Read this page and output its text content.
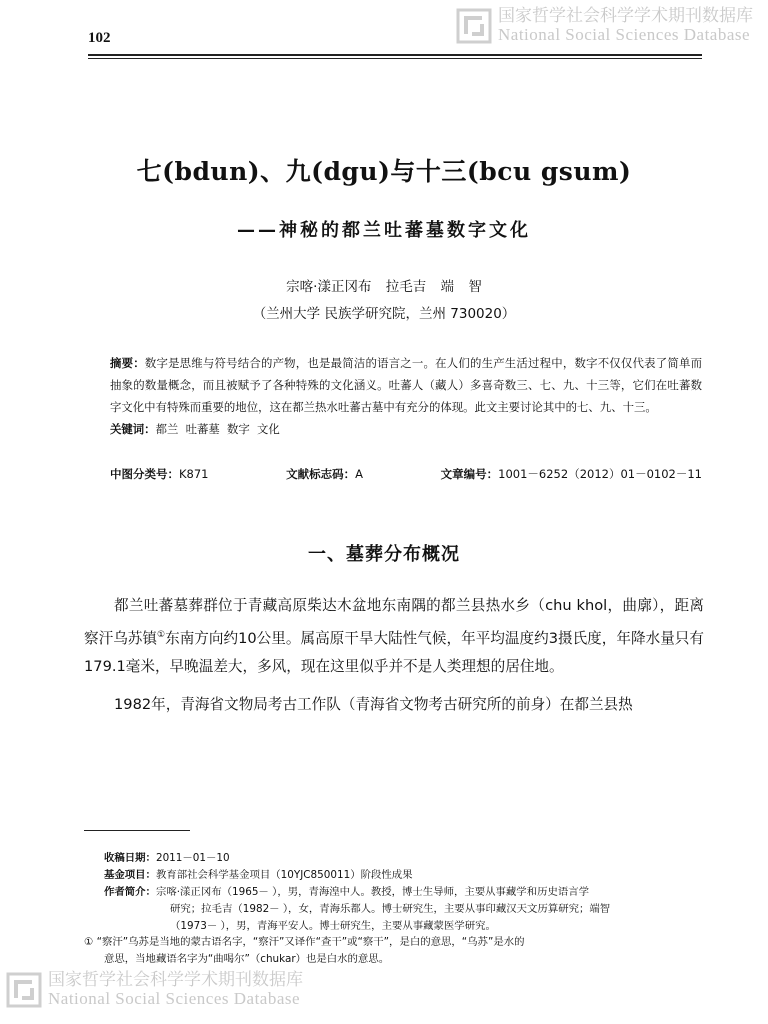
102
国家哲学社会科学学术期刊数据库
National Social Sciences Database
七(bdun)、九(dgu)与十三(bcu gsum)
——神秘的都兰吐蕃墓数字文化
宗喀·漾正冈布 拉毛吉 端 智
（兰州大学 民族学研究院，兰州 730020）
摘要：数字是思维与符号结合的产物，也是最简洁的语言之一。在人们的生产生活过程中，数字不仅仅代表了简单而抽象的数量概念，而且被赋予了各种特殊的文化涵义。吐蕃人（藏人）多喜奇数三、七、九、十三等，它们在吐蕃数字文化中有特殊而重要的地位，这在都兰热水吐蕃古墓中有充分的体现。此文主要讨论其中的七、九、十三。
关键词：都兰  吐蕃墓  数字  文化
中图分类号：K871	文献标志码：A	文章编号：1001－6252（2012）01－0102－11
一、墓葬分布概况
都兰吐蕃墓葬群位于青藏高原柴达木盆地东南隅的都兰县热水乡（chu khol，曲廓），距离察汗乌苏镇①东南方向约10公里。属高原干旱大陆性气候，年平均温度约3摄氏度，年降水量只有179.1毫米，早晚温差大，多风，现在这里似乎并不是人类理想的居住地。
1982年，青海省文物局考古工作队（青海省文物考古研究所的前身）在都兰县热
收稿日期：2011－01－10
基金项目：教育部社会科学基金项目（10YJC850011）阶段性成果
作者简介：宗喀·漾正冈布（1965－ ），男，青海湟中人。教授，博士生导师，主要从事藏学和历史语言学
研究；拉毛吉（1982－ ），女，青海乐都人。博士研究生，主要从事印藏汉天文历算研究；端智
（1973－ ），男，青海平安人。博士研究生，主要从事藏蒙医学研究。
① “察汗”乌苏是当地的蒙古语名字，“察汗”又译作“查干”或“察干”，是白的意思，“乌苏”是水的
意思，当地藏语名字为“曲喝尔”（chukar）也是白水的意思。
国家哲学社会科学学术期刊数据库
National Social Sciences Database
